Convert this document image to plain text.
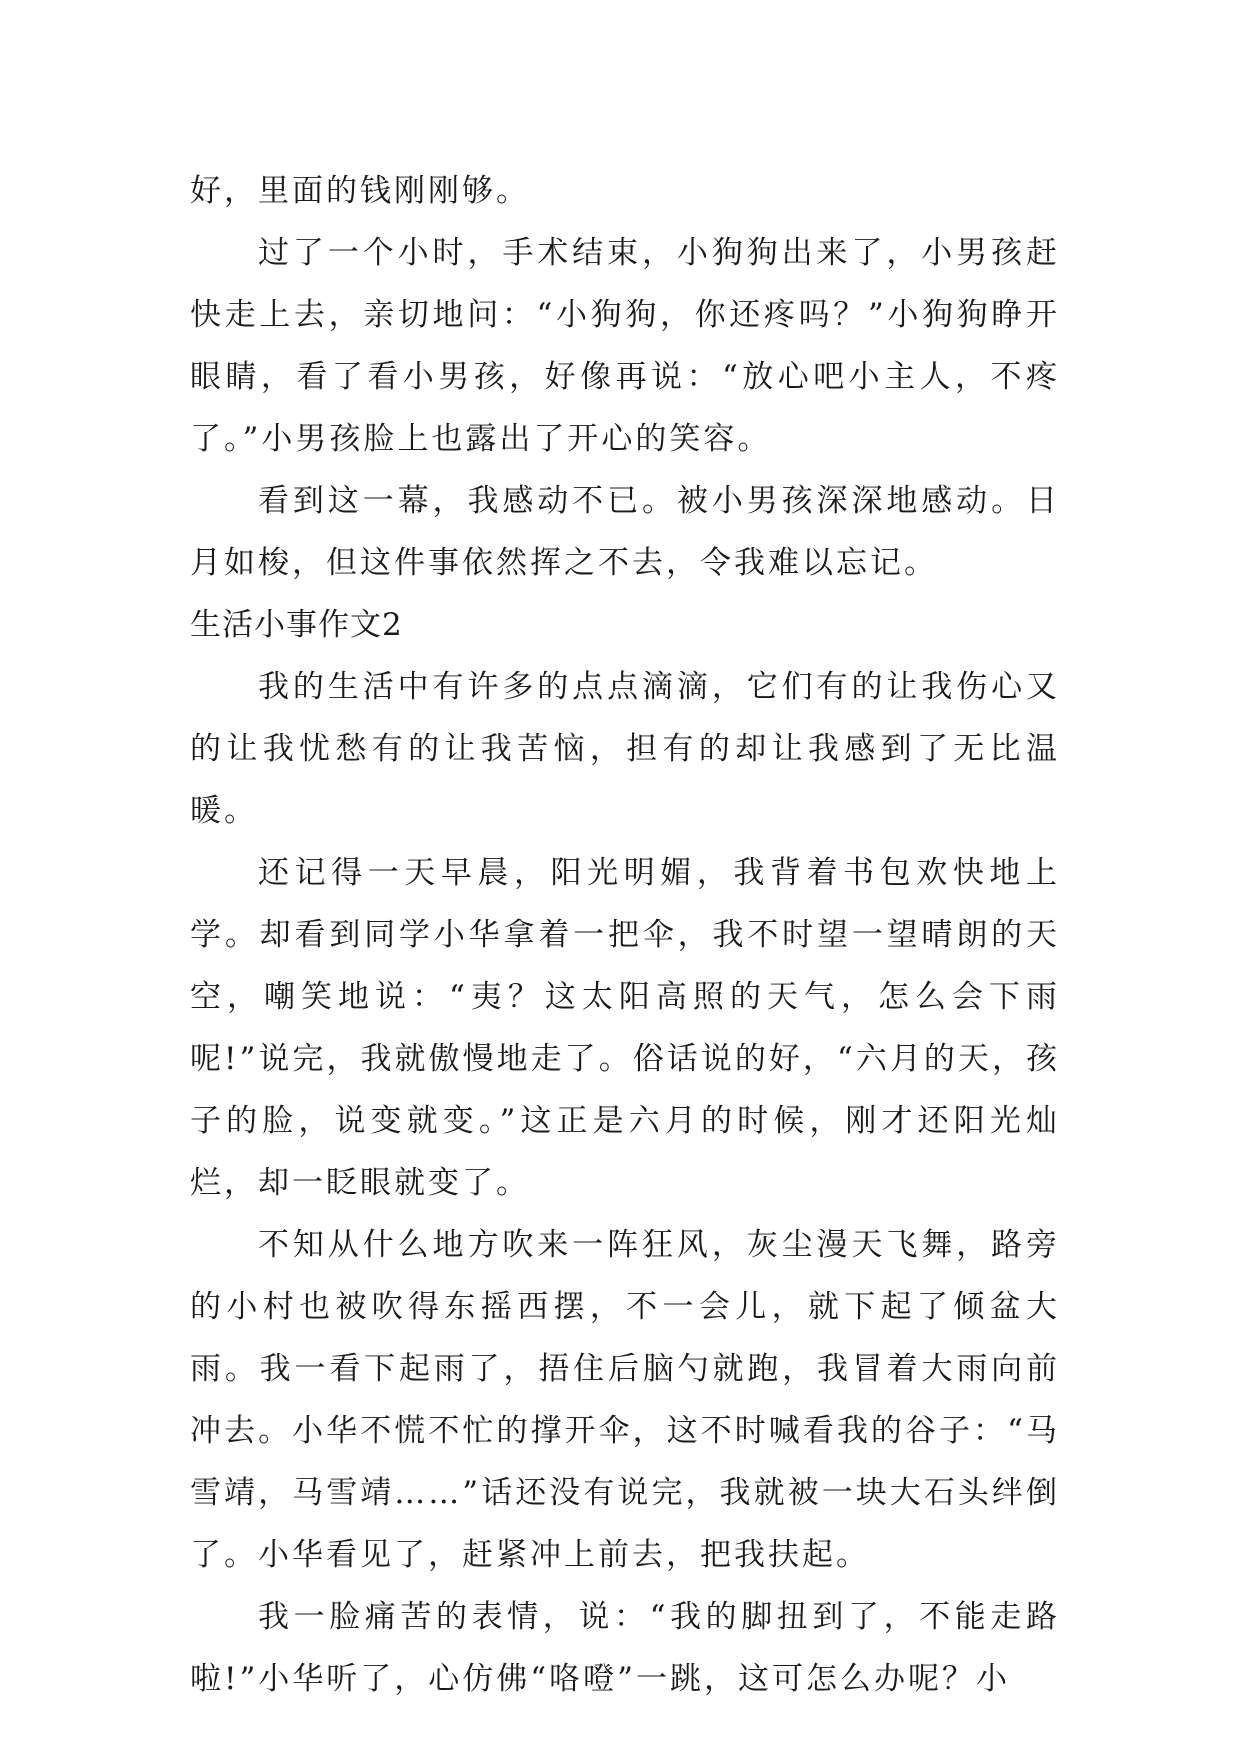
好，里面的钱刚刚够。

过了一个小时，手术结束，小狗狗出来了，小男孩赶快走上去，亲切地问：“小狗狗，你还疼吗？”小狗狗睁开眼睛，看了看小男孩，好像再说：“放心吧小主人，不疼了。”小男孩脸上也露出了开心的笑容。

看到这一幕，我感动不已。被小男孩深深地感动。日月如梭，但这件事依然挥之不去，令我难以忘记。

生活小事作文2

我的生活中有许多的点点滴滴，它们有的让我伤心又的让我忧愁有的让我苦恼，担有的却让我感到了无比温暖。

还记得一天早晨，阳光明媚，我背着书包欢快地上学。却看到同学小华拿着一把伞，我不时望一望晴朗的天空，嘲笑地说：“夷？这太阳高照的天气，怎么会下雨呢!”说完，我就傲慢地走了。俗话说的好，“六月的天，孩子的脸，说变就变。”这正是六月的时候，刚才还阳光灿烂，却一眨眼就变了。

不知从什么地方吹来一阵狂风，灰尘漫天飞舞，路旁的小村也被吹得东摇西摆，不一会儿，就下起了倾盆大雨。我一看下起雨了，捂住后脑勺就跑，我冒着大雨向前冲去。小华不慌不忙的撑开伞，这不时喊看我的谷子：“马雪靖，马雪靖……”话还没有说完，我就被一块大石头绊倒了。小华看见了，赶紧冲上前去，把我扶起。

我一脸痛苦的表情，说：“我的脚扭到了，不能走路啦!”小华听了，心仿佛“咯噔”一跳，这可怎么办呢？小
